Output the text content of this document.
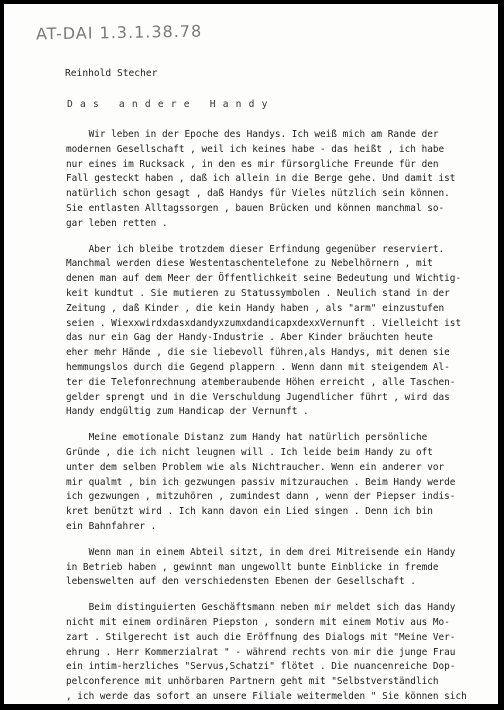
AT-DAI 1.3.1.38.78
Reinhold Stecher
Das andere Handy
Wir leben in der Epoche des Handys. Ich weiß mich am Rande der
modernen Gesellschaft , weil ich keines habe - das heißt , ich habe
nur eines im Rucksack , in den es mir fürsorgliche Freunde für den
Fall gesteckt haben , daß ich allein in die Berge gehe. Und damit ist
natürlich schon gesagt , daß Handys für Vieles nützlich sein können.
Sie entlasten Alltagssorgen , bauen Brücken und können manchmal so-
gar leben retten .
Aber ich bleibe trotzdem dieser Erfindung gegenüber reserviert.
Manchmal werden diese Westentaschentelefone zu Nebelhörnern , mit
denen man auf dem Meer der Öffentlichkeit seine Bedeutung und Wichtig-
keit kundtut . Sie mutieren zu Statussymbolen . Neulich stand in der
Zeitung , daß Kinder , die kein Handy haben , als "arm" einzustufen
seien . WiexxwirdxdasxdandyxzumxdandicapxdexxVernunft . Vielleicht ist
das nur ein Gag der Handy-Industrie . Aber Kinder bräuchten heute
eher mehr Hände , die sie liebevoll führen,als Handys, mit denen sie
hemmungslos durch die Gegend plappern . Wenn dann mit steigendem Al-
ter die Telefonrechnung atemberaubende Höhen erreicht , alle Taschen-
gelder sprengt und in die Verschuldung Jugendlicher führt , wird das
Handy endgültig zum Handicap der Vernunft .
Meine emotionale Distanz zum Handy hat natürlich persönliche
Gründe , die ich nicht leugnen will . Ich leide beim Handy zu oft
unter dem selben Problem wie als Nichtraucher. Wenn ein anderer vor
mir qualmt , bin ich gezwungen passiv mitzurauchen . Beim Handy werde
ich gezwungen , mitzuhören , zumindest dann , wenn der Piepser indis-
kret benützt wird . Ich kann davon ein Lied singen . Denn ich bin
ein Bahnfahrer .
Wenn man in einem Abteil sitzt, in dem drei Mitreisende ein Handy
in Betrieb haben , gewinnt man ungewollt bunte Einblicke in fremde
lebenswelten auf den verschiedensten Ebenen der Gesellschaft .
Beim distinguierten Geschäftsmann neben mir meldet sich das Handy
nicht mit einem ordinären Piepston , sondern mit einem Motiv aus Mo-
zart . Stilgerecht ist auch die Eröffnung des Dialogs mit "Meine Ver-
ehrung . Herr Kommerzialrat " - während rechts von mir die junge Frau
ein intim-herzliches "Servus,Schatzi" flötet . Die nuancenreiche Dop-
pelconference mit unhörbaren Partnern geht mit "Selbstverständlich
, ich werde das sofort an unsere Filiale weitermelden " Sie können sich
